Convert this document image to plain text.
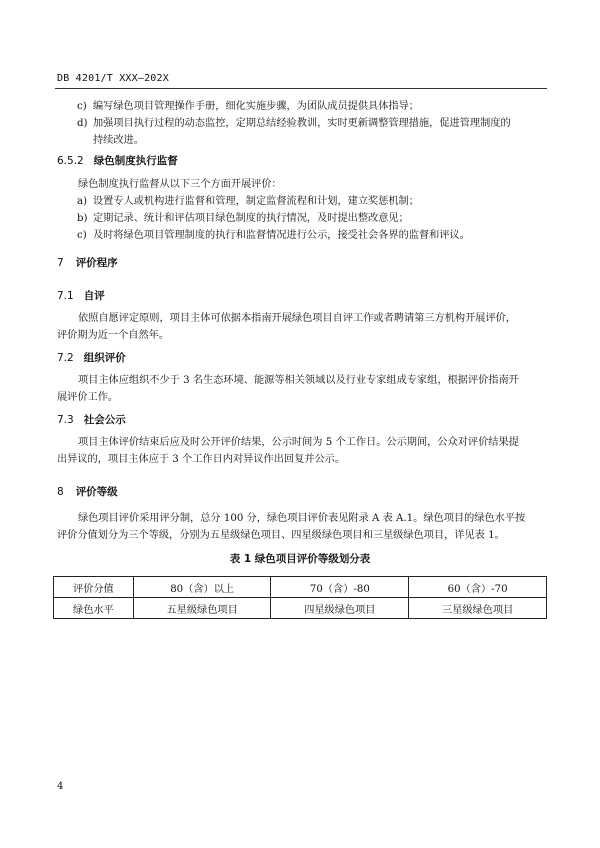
DB 4201/T XXX—202X
c) 编写绿色项目管理操作手册，细化实施步骤，为团队成员提供具体指导；
d) 加强项目执行过程的动态监控，定期总结经验教训，实时更新调整管理措施，促进管理制度的
持续改进。
6.5.2 绿色制度执行监督
绿色制度执行监督从以下三个方面开展评价：
a) 设置专人或机构进行监督和管理，制定监督流程和计划，建立奖惩机制；
b) 定期记录、统计和评估项目绿色制度的执行情况，及时提出整改意见；
c) 及时将绿色项目管理制度的执行和监督情况进行公示，接受社会各界的监督和评议。
7 评价程序
7.1 自评
依照自愿评定原则，项目主体可依据本指南开展绿色项目自评工作或者聘请第三方机构开展评价，
评价期为近一个自然年。
7.2 组织评价
项目主体应组织不少于 3 名生态环境、能源等相关领域以及行业专家组成专家组，根据评价指南开
展评价工作。
7.3 社会公示
项目主体评价结束后应及时公开评价结果，公示时间为 5 个工作日。公示期间，公众对评价结果提
出异议的，项目主体应于 3 个工作日内对异议作出回复并公示。
8 评价等级
绿色项目评价采用评分制，总分 100 分，绿色项目评价表见附录 A 表 A.1。绿色项目的绿色水平按
评价分值划分为三个等级，分别为五星级绿色项目、四星级绿色项目和三星级绿色项目，详见表 1。
表 1 绿色项目评价等级划分表
评价分值	80（含）以上	70（含）-80	60（含）-70
绿色水平	五星级绿色项目	四星级绿色项目	三星级绿色项目
4
